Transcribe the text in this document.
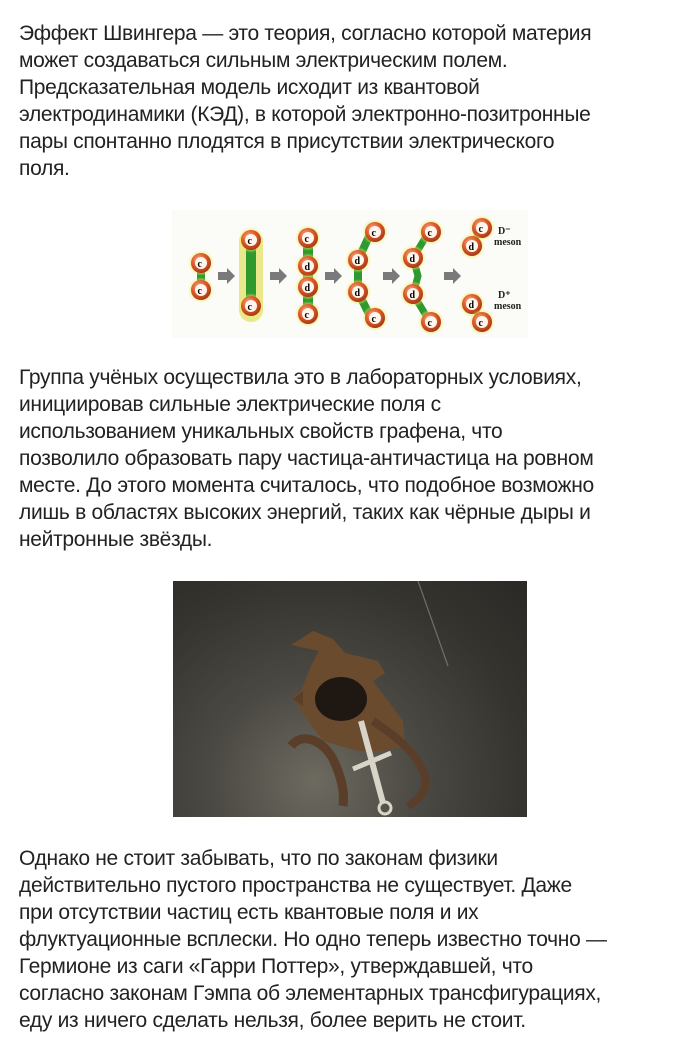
Эффект Швингера — это теория, согласно которой материя
может создаваться сильным электрическим полем.
Предсказательная модель исходит из квантовой
электродинамики (КЭД), в которой электронно-позитронные
пары спонтанно плодятся в присутствии электрического
поля.
c
c
c
c
c
d
d
c
c
d
d
c
c
d
d
c
c
d
D⁻
meson
d
c
D⁺
meson
Группа учёных осуществила это в лабораторных условиях,
инициировав сильные электрические поля с
использованием уникальных свойств графена, что
позволило образовать пару частица-античастица на ровном
месте. До этого момента считалось, что подобное возможно
лишь в областях высоких энергий, таких как чёрные дыры и
нейтронные звёзды.
Однако не стоит забывать, что по законам физики
действительно пустого пространства не существует. Даже
при отсутствии частиц есть квантовые поля и их
флуктуационные всплески. Но одно теперь известно точно —
Гермионе из саги «Гарри Поттер», утверждавшей, что
согласно законам Гэмпа об элементарных трансфигурациях,
еду из ничего сделать нельзя, более верить не стоит.
